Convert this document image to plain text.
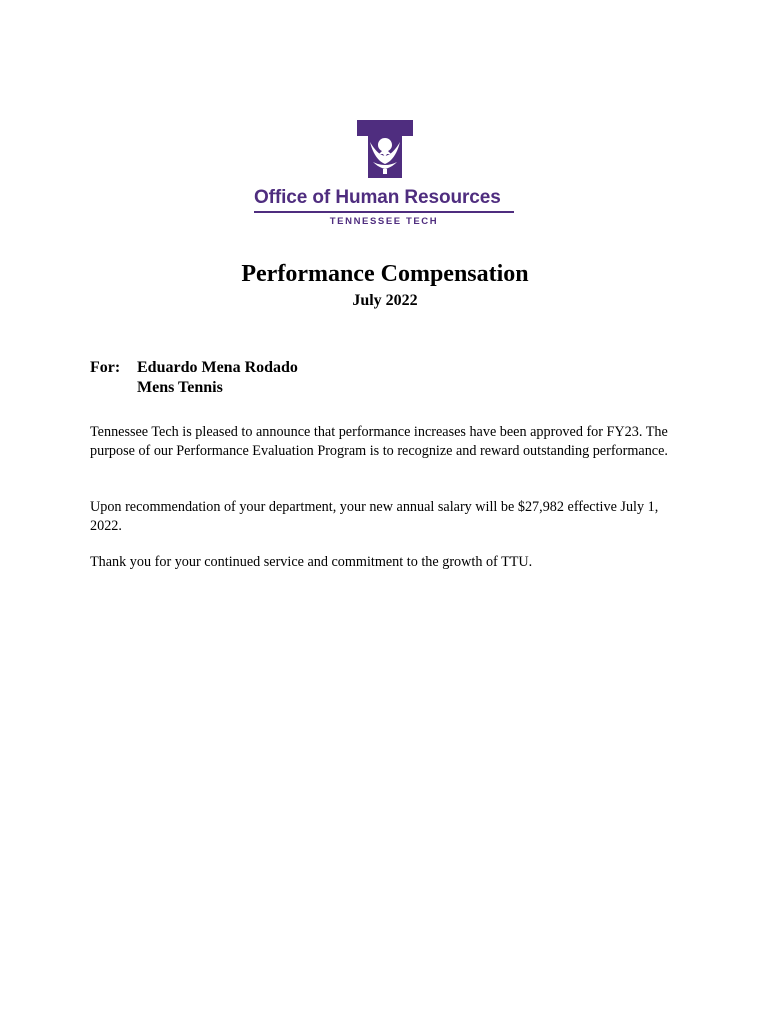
Office of Human Resources
TENNESSEE TECH
Performance Compensation
July 2022
For:	Eduardo Mena Rodado
Mens Tennis
Tennessee Tech is pleased to announce that performance increases have been approved for FY23. The purpose of our Performance Evaluation Program is to recognize and reward outstanding performance.
Upon recommendation of your department, your new annual salary will be $27,982 effective July 1, 2022.
Thank you for your continued service and commitment to the growth of TTU.
